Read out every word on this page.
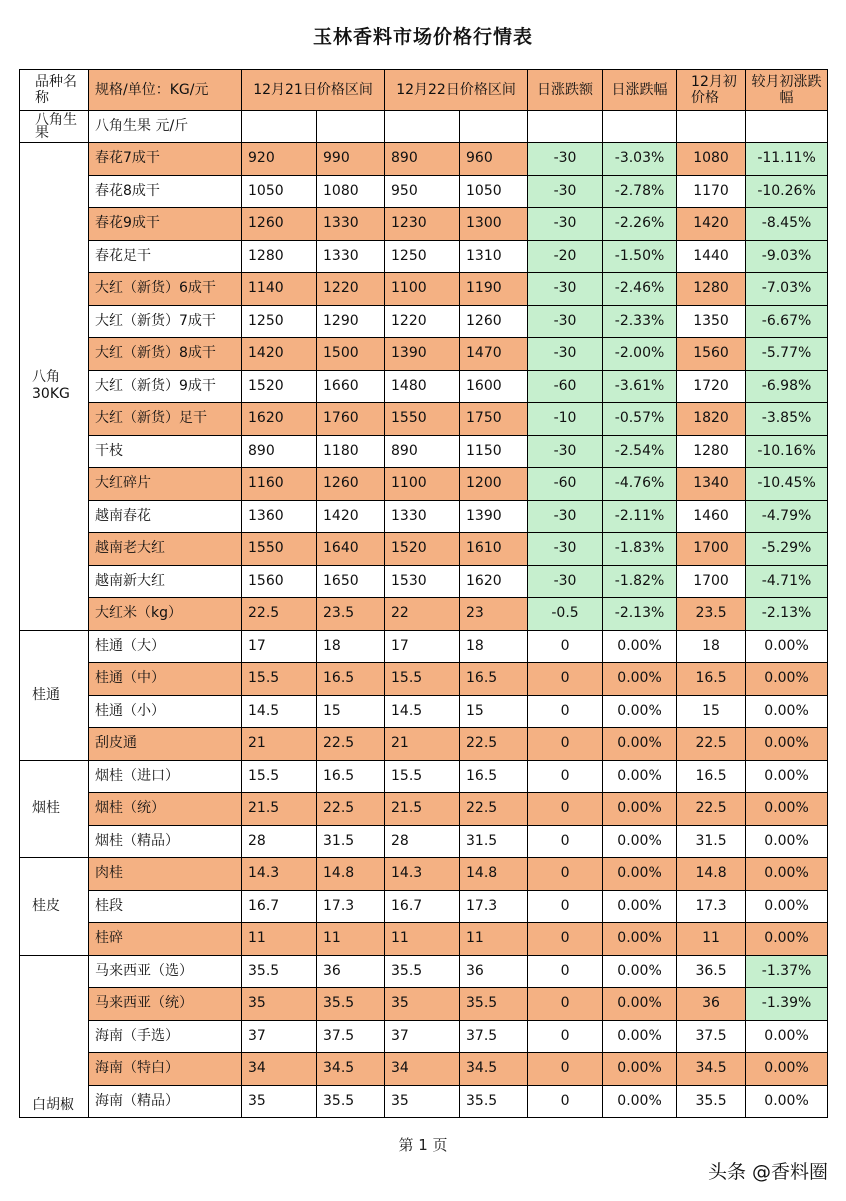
玉林香料市场价格行情表
品种名称	规格/单位：KG/元	12月21日价格区间		12月22日价格区间		日涨跌额	日涨跌幅	12月初价格	较月初涨跌幅
八角生果	八角生果 元/斤								
八角30KG	春花7成干	920	990	890	960	-30	-3.03%	1080	-11.11%
	春花8成干	1050	1080	950	1050	-30	-2.78%	1170	-10.26%
	春花9成干	1260	1330	1230	1300	-30	-2.26%	1420	-8.45%
	春花足干	1280	1330	1250	1310	-20	-1.50%	1440	-9.03%
	大红（新货）6成干	1140	1220	1100	1190	-30	-2.46%	1280	-7.03%
	大红（新货）7成干	1250	1290	1220	1260	-30	-2.33%	1350	-6.67%
	大红（新货）8成干	1420	1500	1390	1470	-30	-2.00%	1560	-5.77%
	大红（新货）9成干	1520	1660	1480	1600	-60	-3.61%	1720	-6.98%
	大红（新货）足干	1620	1760	1550	1750	-10	-0.57%	1820	-3.85%
	干枝	890	1180	890	1150	-30	-2.54%	1280	-10.16%
	大红碎片	1160	1260	1100	1200	-60	-4.76%	1340	-10.45%
	越南春花	1360	1420	1330	1390	-30	-2.11%	1460	-4.79%
	越南老大红	1550	1640	1520	1610	-30	-1.83%	1700	-5.29%
	越南新大红	1560	1650	1530	1620	-30	-1.82%	1700	-4.71%
	大红米（kg）	22.5	23.5	22	23	-0.5	-2.13%	23.5	-2.13%
桂通	桂通（大）	17	18	17	18	0	0.00%	18	0.00%
	桂通（中）	15.5	16.5	15.5	16.5	0	0.00%	16.5	0.00%
	桂通（小）	14.5	15	14.5	15	0	0.00%	15	0.00%
	刮皮通	21	22.5	21	22.5	0	0.00%	22.5	0.00%
烟桂	烟桂（进口）	15.5	16.5	15.5	16.5	0	0.00%	16.5	0.00%
	烟桂（统）	21.5	22.5	21.5	22.5	0	0.00%	22.5	0.00%
	烟桂（精品）	28	31.5	28	31.5	0	0.00%	31.5	0.00%
桂皮	肉桂	14.3	14.8	14.3	14.8	0	0.00%	14.8	0.00%
	桂段	16.7	17.3	16.7	17.3	0	0.00%	17.3	0.00%
	桂碎	11	11	11	11	0	0.00%	11	0.00%
白胡椒	马来西亚（选）	35.5	36	35.5	36	0	0.00%	36.5	-1.37%
	马来西亚（统）	35	35.5	35	35.5	0	0.00%	36	-1.39%
	海南（手选）	37	37.5	37	37.5	0	0.00%	37.5	0.00%
	海南（特白）	34	34.5	34	34.5	0	0.00%	34.5	0.00%
	海南（精品）	35	35.5	35	35.5	0	0.00%	35.5	0.00%
第 1 页
头条 @香料圈
